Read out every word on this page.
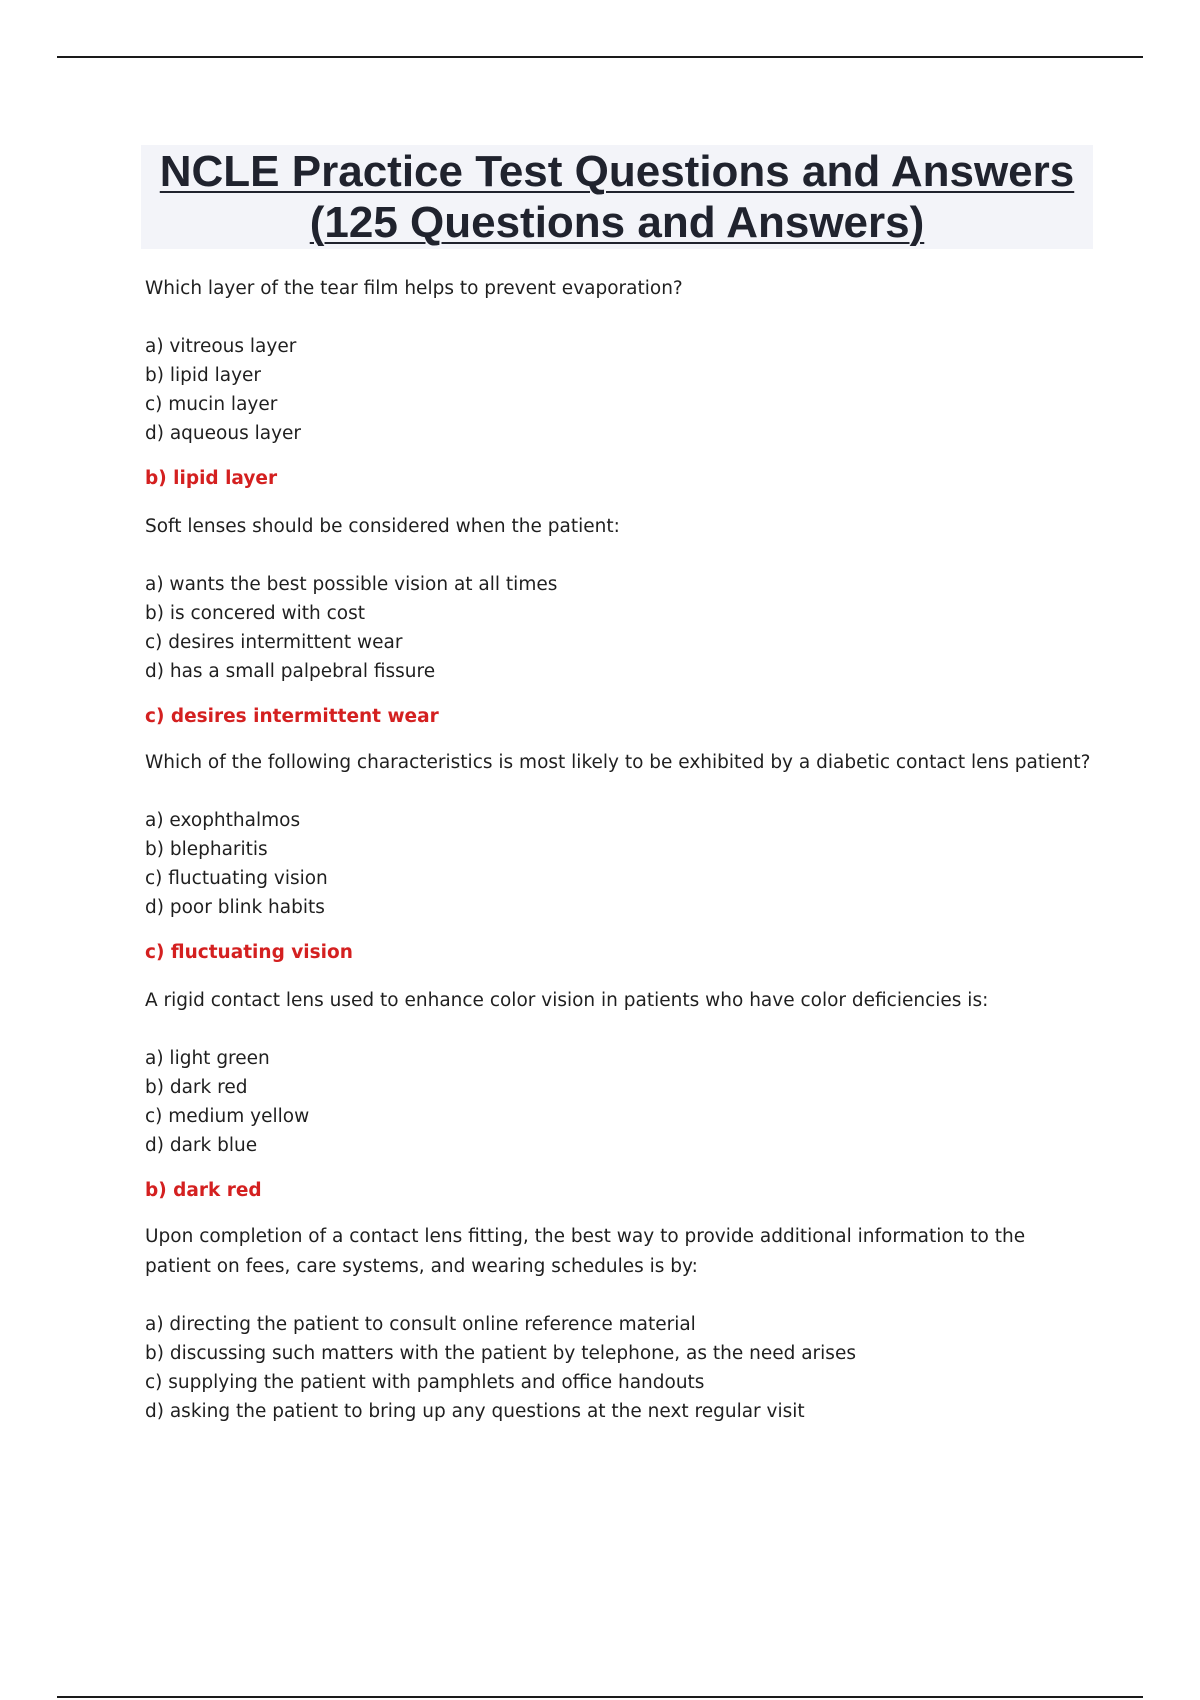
NCLE Practice Test Questions and Answers
(125 Questions and Answers)
Which layer of the tear film helps to prevent evaporation?
a) vitreous layer
b) lipid layer
c) mucin layer
d) aqueous layer
b) lipid layer
Soft lenses should be considered when the patient:
a) wants the best possible vision at all times
b) is concered with cost
c) desires intermittent wear
d) has a small palpebral fissure
c) desires intermittent wear
Which of the following characteristics is most likely to be exhibited by a diabetic contact lens patient?
a) exophthalmos
b) blepharitis
c) fluctuating vision
d) poor blink habits
c) fluctuating vision
A rigid contact lens used to enhance color vision in patients who have color deficiencies is:
a) light green
b) dark red
c) medium yellow
d) dark blue
b) dark red
Upon completion of a contact lens fitting, the best way to provide additional information to the patient on fees, care systems, and wearing schedules is by:
a) directing the patient to consult online reference material
b) discussing such matters with the patient by telephone, as the need arises
c) supplying the patient with pamphlets and office handouts
d) asking the patient to bring up any questions at the next regular visit
